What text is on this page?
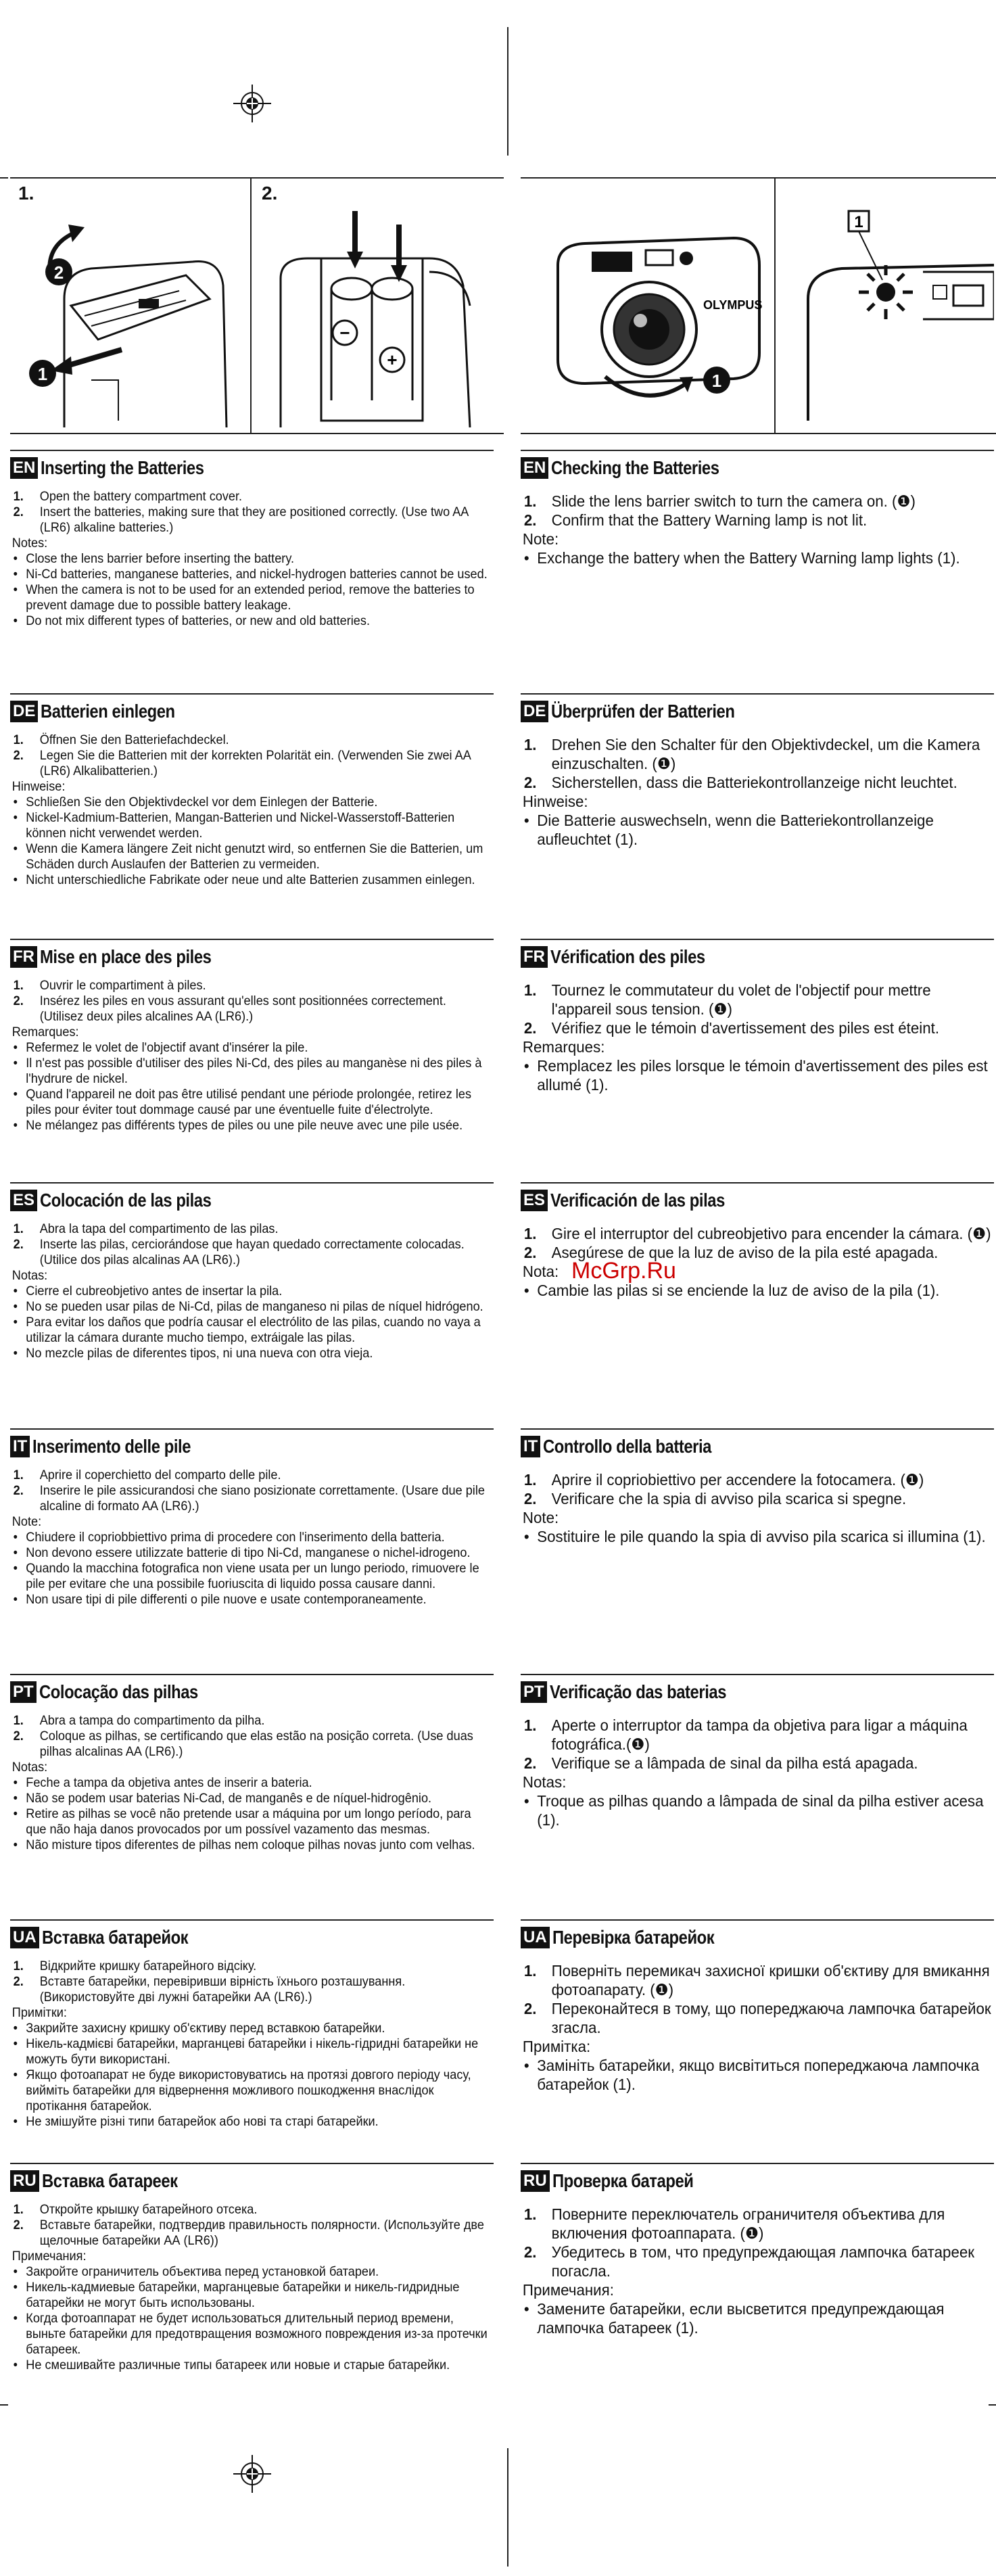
1.	2.
1
2
−
+
OLYMPUS
1
1
EN Inserting the Batteries
1.	Open the battery compartment cover.
2.	Insert the batteries, making sure that they are positioned correctly. (Use two AA (LR6) alkaline batteries.)
Notes:
• Close the lens barrier before inserting the battery.
• Ni-Cd batteries, manganese batteries, and nickel-hydrogen batteries cannot be used.
• When the camera is not to be used for an extended period, remove the batteries to prevent damage due to possible battery leakage.
• Do not mix different types of batteries, or new and old batteries.
EN Checking the Batteries
1. Slide the lens barrier switch to turn the camera on. (❶)
2. Confirm that the Battery Warning lamp is not lit.
Note:
• Exchange the battery when the Battery Warning lamp lights (1).
DE Batterien einlegen
1.	Öffnen Sie den Batteriefachdeckel.
2.	Legen Sie die Batterien mit der korrekten Polarität ein. (Verwenden Sie zwei AA (LR6) Alkalibatterien.)
Hinweise:
• Schließen Sie den Objektivdeckel vor dem Einlegen der Batterie.
• Nickel-Kadmium-Batterien, Mangan-Batterien und Nickel-Wasserstoff-Batterien können nicht verwendet werden.
• Wenn die Kamera längere Zeit nicht genutzt wird, so entfernen Sie die Batterien, um Schäden durch Auslaufen der Batterien zu vermeiden.
• Nicht unterschiedliche Fabrikate oder neue und alte Batterien zusammen einlegen.
DE Überprüfen der Batterien
1. Drehen Sie den Schalter für den Objektivdeckel, um die Kamera einzuschalten. (❶)
2. Sicherstellen, dass die Batteriekontrollanzeige nicht leuchtet.
Hinweise:
• Die Batterie auswechseln, wenn die Batteriekontrollanzeige aufleuchtet (1).
FR Mise en place des piles
1.	Ouvrir le compartiment à piles.
2.	Insérez les piles en vous assurant qu'elles sont positionnées correctement. (Utilisez deux piles alcalines AA (LR6).)
Remarques:
• Refermez le volet de l'objectif avant d'insérer la pile.
• Il n'est pas possible d'utiliser des piles Ni-Cd, des piles au manganèse ni des piles à l'hydrure de nickel.
• Quand l'appareil ne doit pas être utilisé pendant une période prolongée, retirez les piles pour éviter tout dommage causé par une éventuelle fuite d'électrolyte.
• Ne mélangez pas différents types de piles ou une pile neuve avec une pile usée.
FR Vérification des piles
1. Tournez le commutateur du volet de l'objectif pour mettre l'appareil sous tension. (❶)
2. Vérifiez que le témoin d'avertissement des piles est éteint.
Remarques:
• Remplacez les piles lorsque le témoin d'avertissement des piles est allumé (1).
ES Colocación de las pilas
1.	Abra la tapa del compartimento de las pilas.
2.	Inserte las pilas, cerciorándose que hayan quedado correctamente colocadas. (Utilice dos pilas alcalinas AA (LR6).)
Notas:
• Cierre el cubreobjetivo antes de insertar la pila.
• No se pueden usar pilas de Ni-Cd, pilas de manganeso ni pilas de níquel hidrógeno.
• Para evitar los daños que podría causar el electrólito de las pilas, cuando no vaya a utilizar la cámara durante mucho tiempo, extráigale las pilas.
• No mezcle pilas de diferentes tipos, ni una nueva con otra vieja.
ES Verificación de las pilas
1. Gire el interruptor del cubreobjetivo para encender la cámara. (❶)
2. Asegúrese de que la luz de aviso de la pila esté apagada.
Nota:
• Cambie las pilas si se enciende la luz de aviso de la pila (1).
IT Inserimento delle pile
1.	Aprire il coperchietto del comparto delle pile.
2.	Inserire le pile assicurandosi che siano posizionate correttamente. (Usare due pile alcaline di formato AA (LR6).)
Note:
• Chiudere il copriobbiettivo prima di procedere con l'inserimento della batteria.
• Non devono essere utilizzate batterie di tipo Ni-Cd, manganese o nichel-idrogeno.
• Quando la macchina fotografica non viene usata per un lungo periodo, rimuovere le pile per evitare che una possibile fuoriuscita di liquido possa causare danni.
• Non usare tipi di pile differenti o pile nuove e usate contemporaneamente.
IT Controllo della batteria
1. Aprire il copriobiettivo per accendere la fotocamera. (❶)
2. Verificare che la spia di avviso pila scarica si spegne.
Note:
• Sostituire le pile quando la spia di avviso pila scarica si illumina (1).
PT Colocação das pilhas
1.	Abra a tampa do compartimento da pilha.
2.	Coloque as pilhas, se certificando que elas estão na posição correta. (Use duas pilhas alcalinas AA (LR6).)
Notas:
• Feche a tampa da objetiva antes de inserir a bateria.
• Não se podem usar baterias Ni-Cad, de manganês e de níquel-hidrogênio.
• Retire as pilhas se você não pretende usar a máquina por um longo período, para que não haja danos provocados por um possível vazamento das mesmas.
• Não misture tipos diferentes de pilhas nem coloque pilhas novas junto com velhas.
PT Verificação das baterias
1. Aperte o interruptor da tampa da objetiva para ligar a máquina fotográfica.(❶)
2. Verifique se a lâmpada de sinal da pilha está apagada.
Notas:
• Troque as pilhas quando a lâmpada de sinal da pilha estiver acesa (1).
UA Вставка батарейок
1.	Відкрийте кришку батарейного відсіку.
2.	Вставте батарейки, перевіривши вірність їхнього розташування. (Використовуйте дві лужні батарейки АА (LR6).)
Примітки:
• Закрийте захисну кришку об'єктиву перед вставкою батарейки.
• Нікель-кадмієві батарейки, марганцеві батарейки і нікель-гідридні батарейки не можуть бути використані.
• Якщо фотоапарат не буде використовуватись на протязі довгого періоду часу, вийміть батарейки для відвернення можливого пошкодження внаслідок протікання батарейок.
• Не змішуйте різні типи батарейок або нові та старі батарейки.
UA Перевірка батарейок
1. Поверніть перемикач захисної кришки об'єктиву для вмикання фотоапарату. (❶)
2. Переконайтеся в тому, що попереджаюча лампочка батарейок згасла.
Примітка:
• Замініть батарейки, якщо висвітиться попереджаюча лампочка батарейок (1).
RU Вставка батареек
1.	Откройте крышку батарейного отсека.
2.	Вставьте батарейки, подтвердив правильность полярности. (Используйте две щелочные батарейки АА (LR6))
Примечания:
• Закройте ограничитель объектива перед установкой батареи.
• Никель-кадмиевые батарейки, марганцевые батарейки и никель-гидридные батарейки не могут быть использованы.
• Когда фотоаппарат не будет использоваться длительный период времени, выньте батарейки для предотвращения возможного повреждения из-за протечки батареек.
• Не смешивайте различные типы батареек или новые и старые батарейки.
RU Проверка батарей
1. Поверните переключатель ограничителя объектива для включения фотоаппарата. (❶)
2. Убедитесь в том, что предупреждающая лампочка батареек погасла.
Примечания:
• Замените батарейки, если высветится предупреждающая лампочка батареек (1).
McGrp.Ru
